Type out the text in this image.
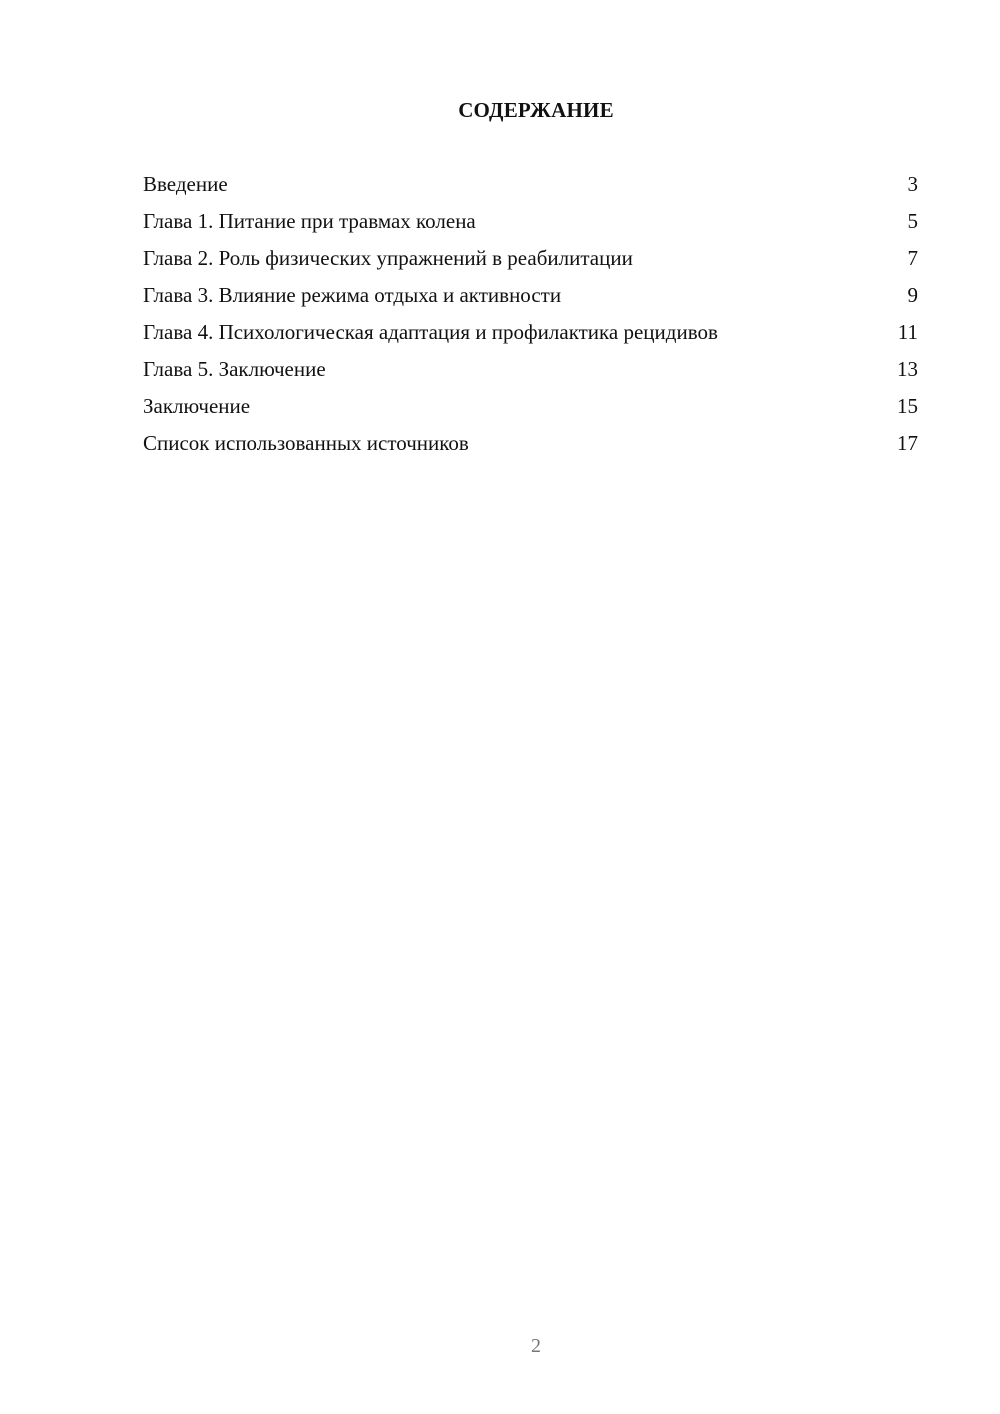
СОДЕРЖАНИЕ
Введение	3
Глава 1. Питание при травмах колена	5
Глава 2. Роль физических упражнений в реабилитации	7
Глава 3. Влияние режима отдыха и активности	9
Глава 4. Психологическая адаптация и профилактика рецидивов	11
Глава 5. Заключение	13
Заключение	15
Список использованных источников	17
2
